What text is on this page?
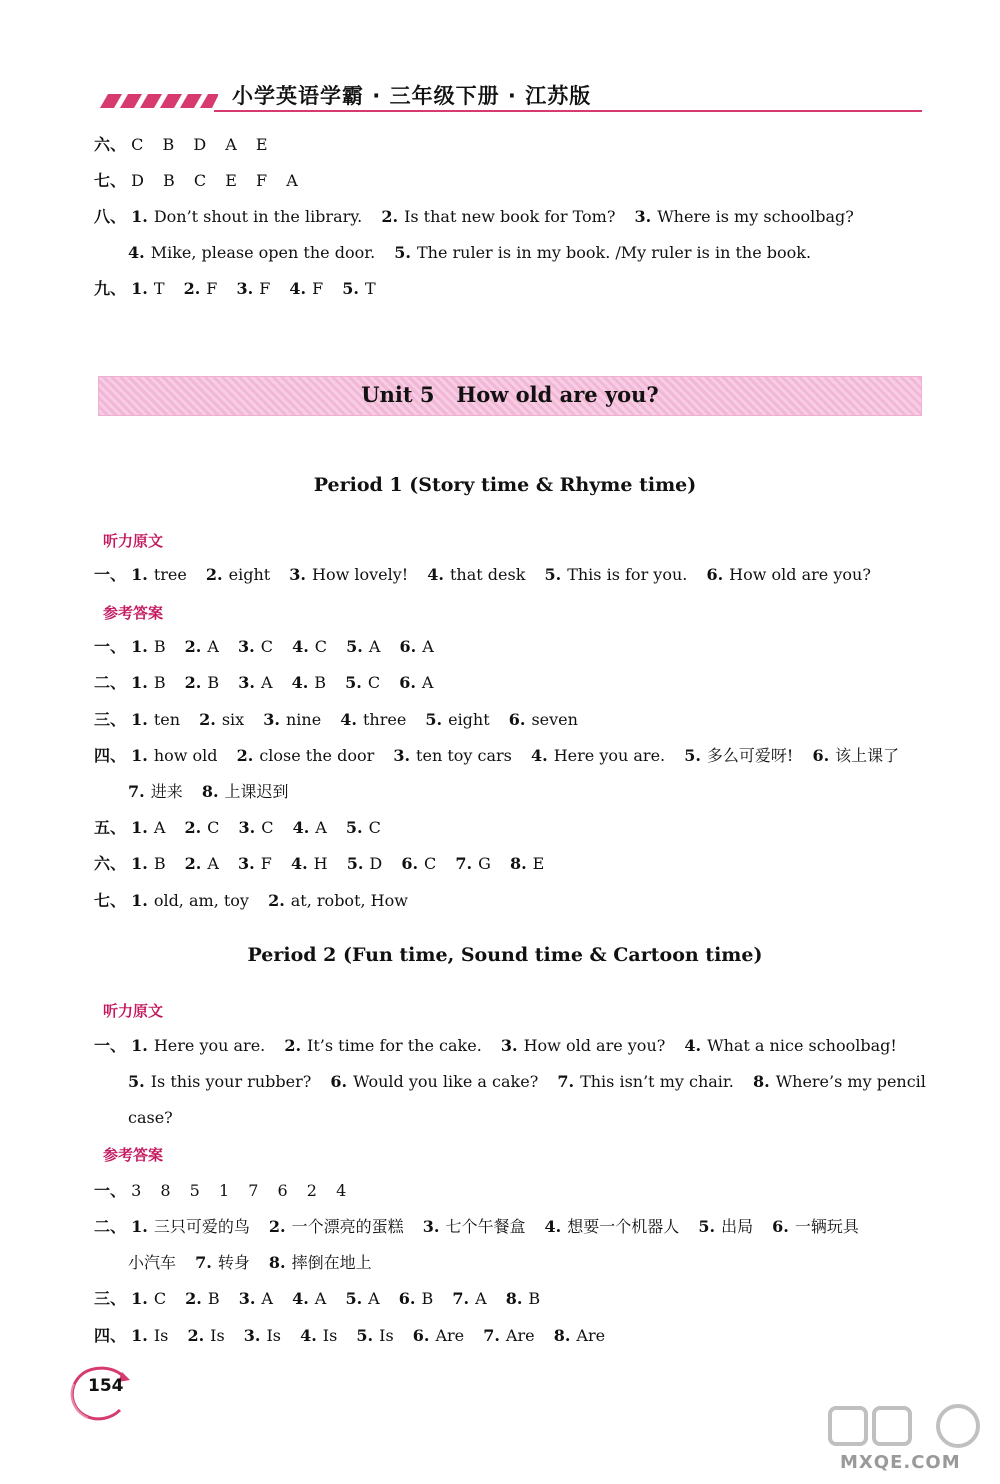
小学英语学霸 · 三年级下册 · 江苏版
六、 C B D A E
七、 D B C E F A
八、 1. Don’t shout in the library. 2. Is that new book for Tom? 3. Where is my schoolbag?
4. Mike, please open the door. 5. The ruler is in my book. /My ruler is in the book.
九、 1. T 2. F 3. F 4. F 5. T
Unit 5   How old are you?
Period 1 (Story time & Rhyme time)
听力原文
一、 1. tree 2. eight 3. How lovely! 4. that desk 5. This is for you. 6. How old are you?
参考答案
一、 1. B 2. A 3. C 4. C 5. A 6. A
二、 1. B 2. B 3. A 4. B 5. C 6. A
三、 1. ten 2. six 3. nine 4. three 5. eight 6. seven
四、 1. how old 2. close the door 3. ten toy cars 4. Here you are. 5. 多么可爱呀! 6. 该上课了
7. 进来 8. 上课迟到
五、 1. A 2. C 3. C 4. A 5. C
六、 1. B 2. A 3. F 4. H 5. D 6. C 7. G 8. E
七、 1. old, am, toy 2. at, robot, How
Period 2 (Fun time, Sound time & Cartoon time)
听力原文
一、 1. Here you are. 2. It’s time for the cake. 3. How old are you? 4. What a nice schoolbag!
5. Is this your rubber? 6. Would you like a cake? 7. This isn’t my chair. 8. Where’s my pencil
case?
参考答案
一、 3 8 5 1 7 6 2 4
二、 1. 三只可爱的鸟 2. 一个漂亮的蛋糕 3. 七个午餐盒 4. 想要一个机器人 5. 出局 6. 一辆玩具
小汽车 7. 转身 8. 摔倒在地上
三、 1. C 2. B 3. A 4. A 5. A 6. B 7. A 8. B
四、 1. Is 2. Is 3. Is 4. Is 5. Is 6. Are 7. Are 8. Are
154
MXQE.COM
